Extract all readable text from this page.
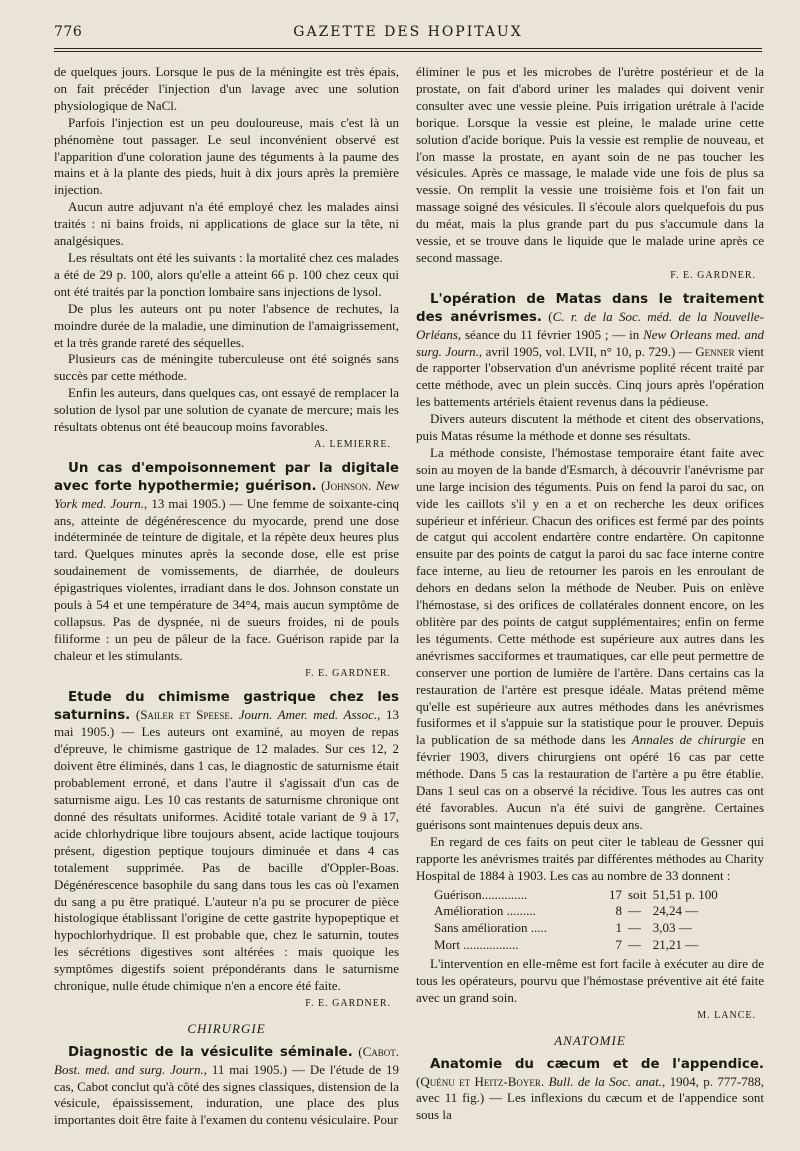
776	GAZETTE DES HOPITAUX

de quelques jours. Lorsque le pus de la méningite est très épais, on fait précéder l'injection d'un lavage avec une solution physiologique de NaCl.

Parfois l'injection est un peu douloureuse, mais c'est là un phénomène tout passager. Le seul inconvénient observé est l'apparition d'une coloration jaune des téguments à la paume des mains et à la plante des pieds, huit à dix jours après la première injection.

Aucun autre adjuvant n'a été employé chez les malades ainsi traités : ni bains froids, ni applications de glace sur la tête, ni analgésiques.

Les résultats ont été les suivants : la mortalité chez ces malades a été de 29 p. 100, alors qu'elle a atteint 66 p. 100 chez ceux qui ont été traités par la ponction lombaire sans injections de lysol.

De plus les auteurs ont pu noter l'absence de rechutes, la moindre durée de la maladie, une diminution de l'amaigrissement, et la très grande rareté des séquelles.

Plusieurs cas de méningite tuberculeuse ont été soignés sans succès par cette méthode.

Enfin les auteurs, dans quelques cas, ont essayé de remplacer la solution de lysol par une solution de cyanate de mercure; mais les résultats obtenus ont été beaucoup moins favorables.

A. LEMIERRE.

Un cas d'empoisonnement par la digitale avec forte hypothermie; guérison. (Johnson. New York med. Journ., 13 mai 1905.) — Une femme de soixante-cinq ans, atteinte de dégénérescence du myocarde, prend une dose indéterminée de teinture de digitale, et la répète deux heures plus tard. Quelques minutes après la seconde dose, elle est prise soudainement de vomissements, de diarrhée, de douleurs épigastriques violentes, irradiant dans le dos. Johnson constate un pouls à 54 et une température de 34°4, mais aucun symptôme de collapsus. Pas de dyspnée, ni de sueurs froides, ni de pouls filiforme : un peu de pâleur de la face. Guérison rapide par la chaleur et les stimulants.

F. E. GARDNER.

Etude du chimisme gastrique chez les saturnins. (Sailer et Speese. Journ. Amer. med. Assoc., 13 mai 1905.) — Les auteurs ont examiné, au moyen de repas d'épreuve, le chimisme gastrique de 12 malades. Sur ces 12, 2 doivent être éliminés, dans 1 cas, le diagnostic de saturnisme était probablement erroné, et dans l'autre il s'agissait d'un cas de saturnisme aigu. Les 10 cas restants de saturnisme chronique ont donné des résultats uniformes. Acidité totale variant de 9 à 17, acide chlorhydrique libre toujours absent, acide lactique toujours présent, digestion peptique toujours diminuée et dans 4 cas totalement supprimée. Pas de bacille d'Oppler-Boas. Dégénérescence basophile du sang dans tous les cas où l'examen du sang a pu être pratiqué. L'auteur n'a pu se procurer de pièce histologique établissant l'origine de cette gastrite hypopeptique et hypochlorhydrique. Il est probable que, chez le saturnin, toutes les sécrétions digestives sont altérées : mais quoique les symptômes digestifs soient prépondérants dans le saturnisme chronique, nulle étude chimique n'en a encore été faite.

F. E. GARDNER.
CHIRURGIE

Diagnostic de la vésiculite séminale. (Cabot. Bost. med. and surg. Journ., 11 mai 1905.) — De l'étude de 19 cas, Cabot conclut qu'à côté des signes classiques, distension de la vésicule, épaississement, induration, une place des plus importantes doit être faite à l'examen du contenu vésiculaire. Pour

éliminer le pus et les microbes de l'urètre postérieur et de la prostate, on fait d'abord uriner les malades qui doivent venir consulter avec une vessie pleine. Puis irrigation urétrale à l'acide borique. Lorsque la vessie est pleine, le malade urine cette solution d'acide borique. Puis la vessie est remplie de nouveau, et l'on masse la prostate, en ayant soin de ne pas toucher les vésicules. Après ce massage, le malade vide une fois de plus sa vessie. On remplit la vessie une troisième fois et l'on fait un massage soigné des vésicules. Il s'écoule alors quelquefois du pus du méat, mais la plus grande part du pus s'accumule dans la vessie, et se trouve dans le liquide que le malade urine après ce second massage.

F. E. GARDNER.

L'opération de Matas dans le traitement des anévrismes. (C. r. de la Soc. méd. de la Nouvelle-Orléans, séance du 11 février 1905 ; — in New Orleans med. and surg. Journ., avril 1905, vol. LVII, n° 10, p. 729.) — Genner vient de rapporter l'observation d'un anévrisme poplité récent traité par cette méthode, avec un plein succès. Cinq jours après l'opération les battements artériels étaient revenus dans la pédieuse.

Divers auteurs discutent la méthode et citent des observations, puis Matas résume la méthode et donne ses résultats.

La méthode consiste, l'hémostase temporaire étant faite avec soin au moyen de la bande d'Esmarch, à découvrir l'anévrisme par une large incision des téguments. Puis on fend la paroi du sac, on vide les caillots s'il y en a et on recherche les deux orifices supérieur et inférieur. Chacun des orifices est fermé par des points de catgut qui accolent endartère contre endartère. On capitonne ensuite par des points de catgut la paroi du sac face interne contre face interne, au lieu de retourner les parois en les enroulant de dehors en dedans selon la méthode de Neuber. Puis on enlève l'hémostase, si des orifices de collatérales donnent encore, on les oblitère par des points de catgut supplémentaires; enfin on ferme les téguments. Cette méthode est supérieure aux autres dans les anévrismes sacciformes et traumatiques, car elle peut permettre de conserver une portion de lumière de l'artère. Dans certains cas la restauration de l'artère est presque idéale. Matas prétend même qu'elle est supérieure aux autres méthodes dans les anévrismes fusiformes et il s'appuie sur la statistique pour le prouver. Depuis la publication de sa méthode dans les Annales de chirurgie en février 1903, divers chirurgiens ont opéré 16 cas par cette méthode. Dans 5 cas la restauration de l'artère a pu être établie. Dans 1 seul cas on a observé la récidive. Tous les autres cas ont été favorables. Aucun n'a été suivi de gangrène. Certaines guérisons sont maintenues depuis deux ans.

En regard de ces faits on peut citer le tableau de Gessner qui rapporte les anévrismes traités par différentes méthodes au Charity Hospital de 1884 à 1903. Les cas au nombre de 33 donnent :

Guérison..............	17	soit	51,51 p. 100
Amélioration .........	8	—	24,24 —
Sans amélioration .....	1	—	3,03 —
Mort .................	7	—	21,21 —

L'intervention en elle-même est fort facile à exécuter au dire de tous les opérateurs, pourvu que l'hémostase préventive ait été faite avec un grand soin.

M. LANCE.
ANATOMIE

Anatomie du cæcum et de l'appendice. (Quénu et Heitz-Boyer. Bull. de la Soc. anat., 1904, p. 777-788, avec 11 fig.) — Les inflexions du cæcum et de l'appendice sont sous la
